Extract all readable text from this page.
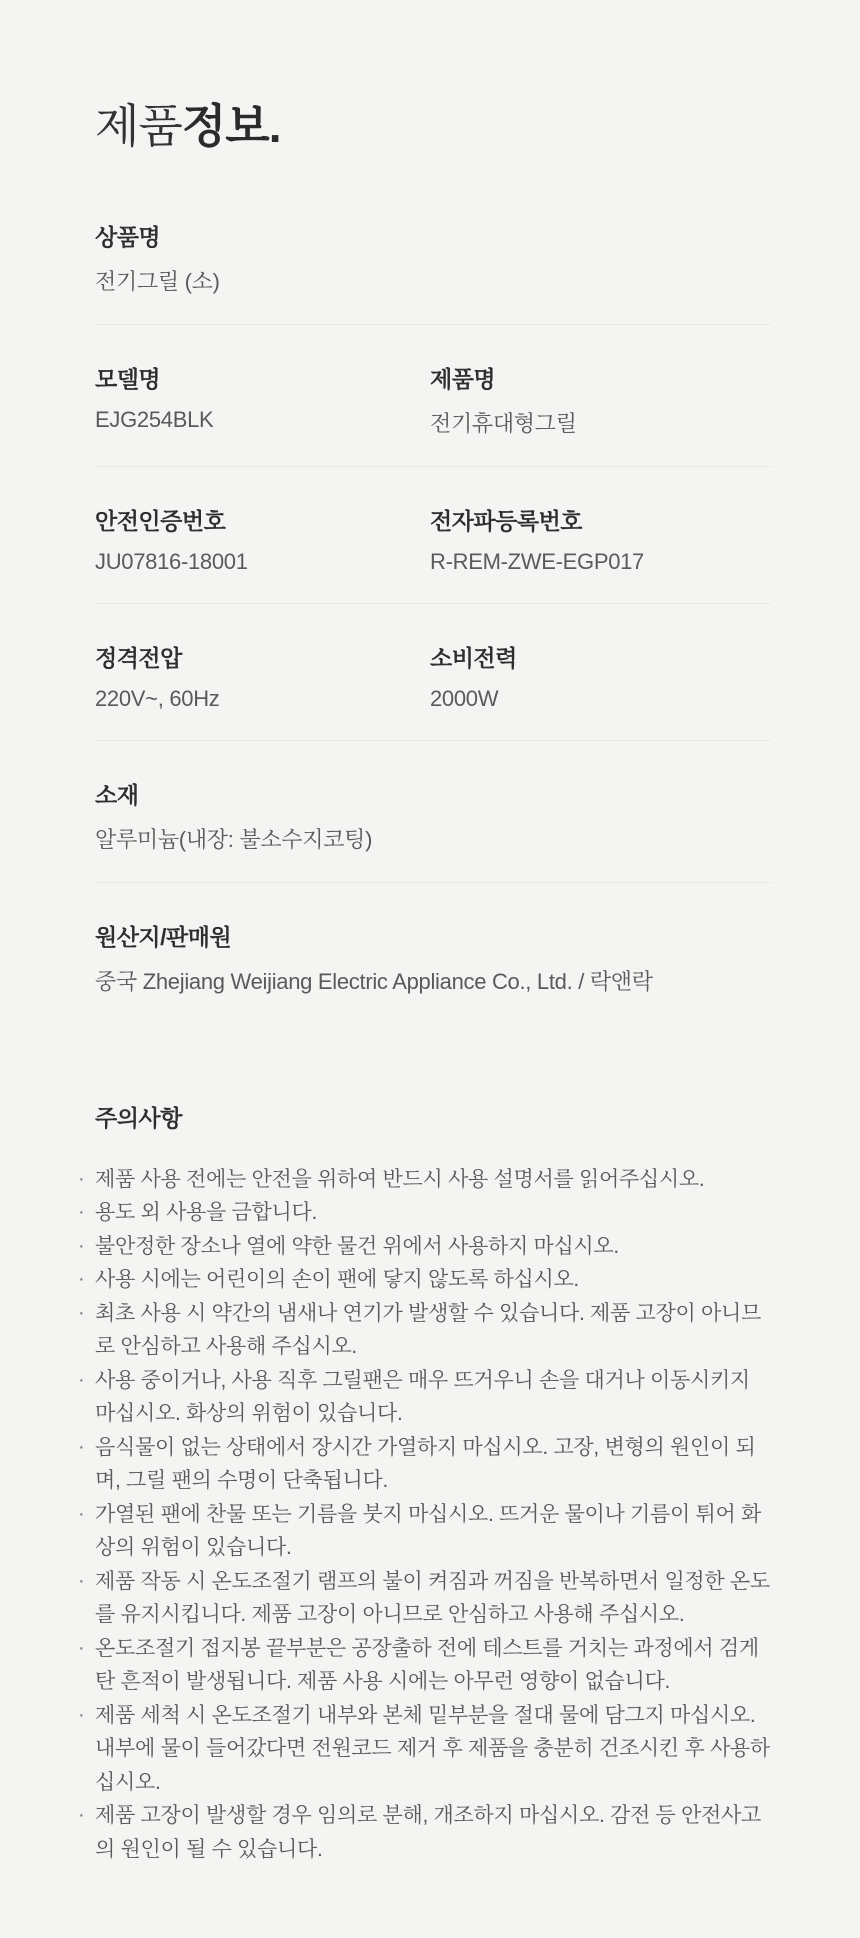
제품정보.
상품명

전기그릴 (소)

모델명

EJG254BLK

제품명

전기휴대형그릴

안전인증번호

JU07816-18001

전자파등록번호

R-REM-ZWE-EGP017

정격전압

220V~, 60Hz

소비전력

2000W

소재

알루미늄(내장: 불소수지코팅)

원산지/판매원

중국 Zhejiang Weijiang Electric Appliance Co., Ltd. / 락앤락

주의사항
· 제품 사용 전에는 안전을 위하여 반드시 사용 설명서를 읽어주십시오.
· 용도 외 사용을 금합니다.
· 불안정한 장소나 열에 약한 물건 위에서 사용하지 마십시오.
· 사용 시에는 어린이의 손이 팬에 닿지 않도록 하십시오.
· 최초 사용 시 약간의 냄새나 연기가 발생할 수 있습니다. 제품 고장이 아니므로 안심하고 사용해 주십시오.
· 사용 중이거나, 사용 직후 그릴팬은 매우 뜨거우니 손을 대거나 이동시키지 마십시오. 화상의 위험이 있습니다.
· 음식물이 없는 상태에서 장시간 가열하지 마십시오. 고장, 변형의 원인이 되며, 그릴 팬의 수명이 단축됩니다.
· 가열된 팬에 찬물 또는 기름을 붓지 마십시오. 뜨거운 물이나 기름이 튀어 화상의 위험이 있습니다.
· 제품 작동 시 온도조절기 램프의 불이 켜짐과 꺼짐을 반복하면서 일정한 온도를 유지시킵니다. 제품 고장이 아니므로 안심하고 사용해 주십시오.
· 온도조절기 접지봉 끝부분은 공장출하 전에 테스트를 거치는 과정에서 검게 탄 흔적이 발생됩니다. 제품 사용 시에는 아무런 영향이 없습니다.
· 제품 세척 시 온도조절기 내부와 본체 밑부분을 절대 물에 담그지 마십시오. 내부에 물이 들어갔다면 전원코드 제거 후 제품을 충분히 건조시킨 후 사용하십시오.
· 제품 고장이 발생할 경우 임의로 분해, 개조하지 마십시오. 감전 등 안전사고의 원인이 될 수 있습니다.
